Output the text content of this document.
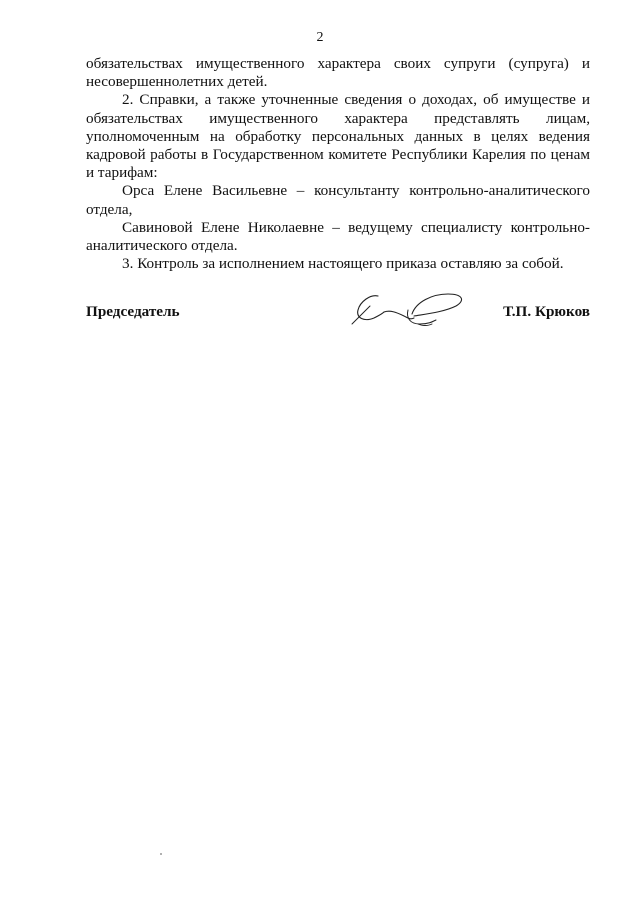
2

обязательствах имущественного характера своих супруги (супруга) и

несовершеннолетних детей.

2. Справки, а также уточненные сведения о доходах, об имуществе и

обязательствах имущественного характера представлять лицам,

уполномоченным на обработку персональных данных в целях ведения

кадровой работы в Государственном комитете Республики Карелия по ценам

и тарифам:

Орса Елене Васильевне – консультанту контрольно-аналитического

отдела,

Савиновой Елене Николаевне – ведущему специалисту контрольно-

аналитического отдела.

3. Контроль за исполнением настоящего приказа оставляю за собой.

Председатель	Т.П. Крюков
